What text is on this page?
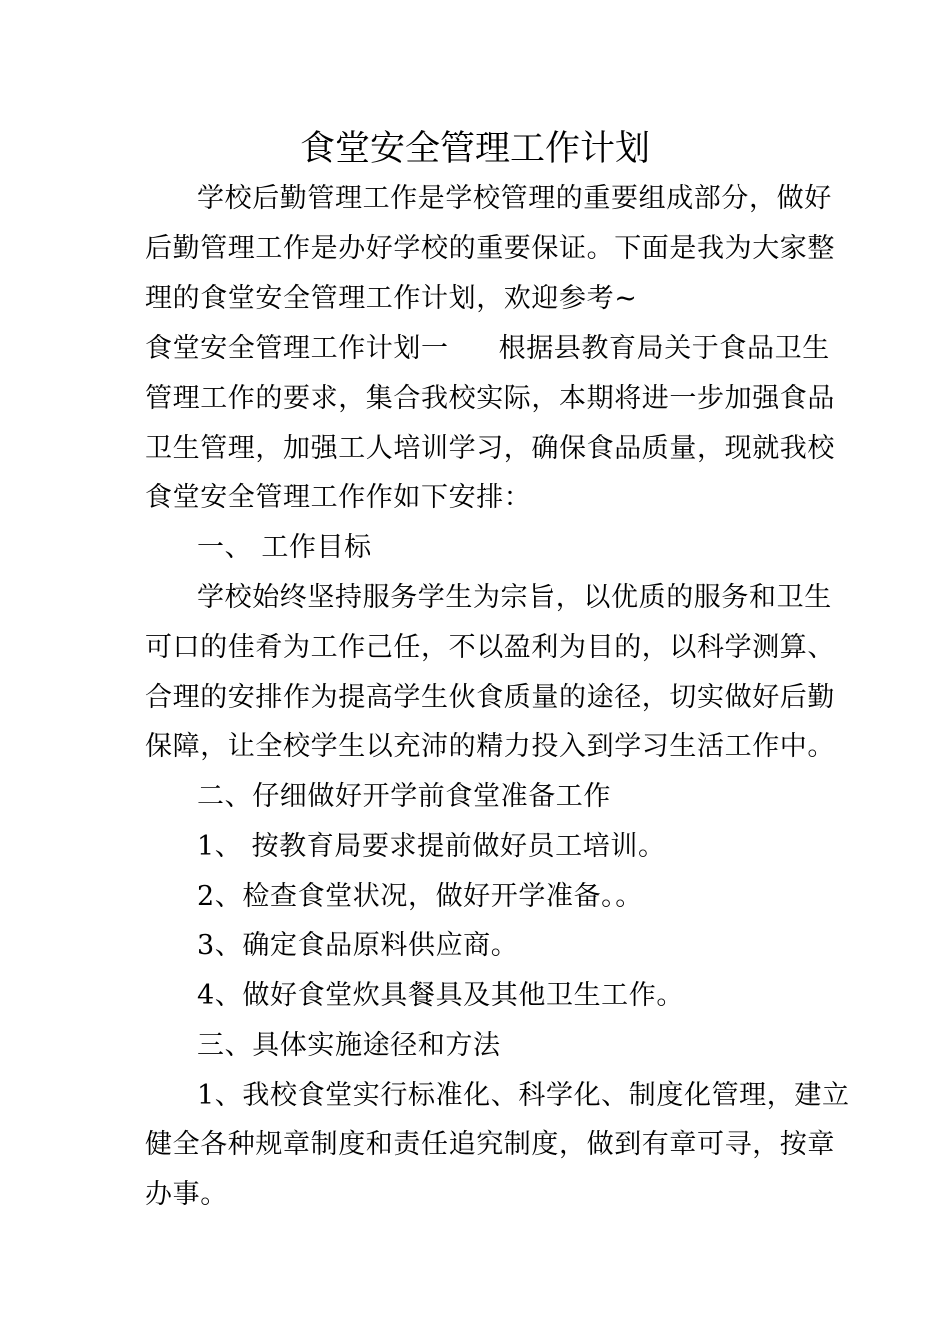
食堂安全管理工作计划
学校后勤管理工作是学校管理的重要组成部分，做好
后勤管理工作是办好学校的重要保证。下面是我为大家整
理的食堂安全管理工作计划，欢迎参考~
食堂安全管理工作计划一 根据县教育局关于食品卫生
管理工作的要求，集合我校实际，本期将进一步加强食品
卫生管理，加强工人培训学习，确保食品质量，现就我校
食堂安全管理工作作如下安排：
一、 工作目标
学校始终坚持服务学生为宗旨，以优质的服务和卫生
可口的佳肴为工作己任，不以盈利为目的，以科学测算、
合理的安排作为提高学生伙食质量的途径，切实做好后勤
保障，让全校学生以充沛的精力投入到学习生活工作中。
二、仔细做好开学前食堂准备工作
1、 按教育局要求提前做好员工培训。
2、检查食堂状况，做好开学准备。。
3、确定食品原料供应商。
4、做好食堂炊具餐具及其他卫生工作。
三、具体实施途径和方法
1、我校食堂实行标准化、科学化、制度化管理，建立
健全各种规章制度和责任追究制度，做到有章可寻，按章
办事。
